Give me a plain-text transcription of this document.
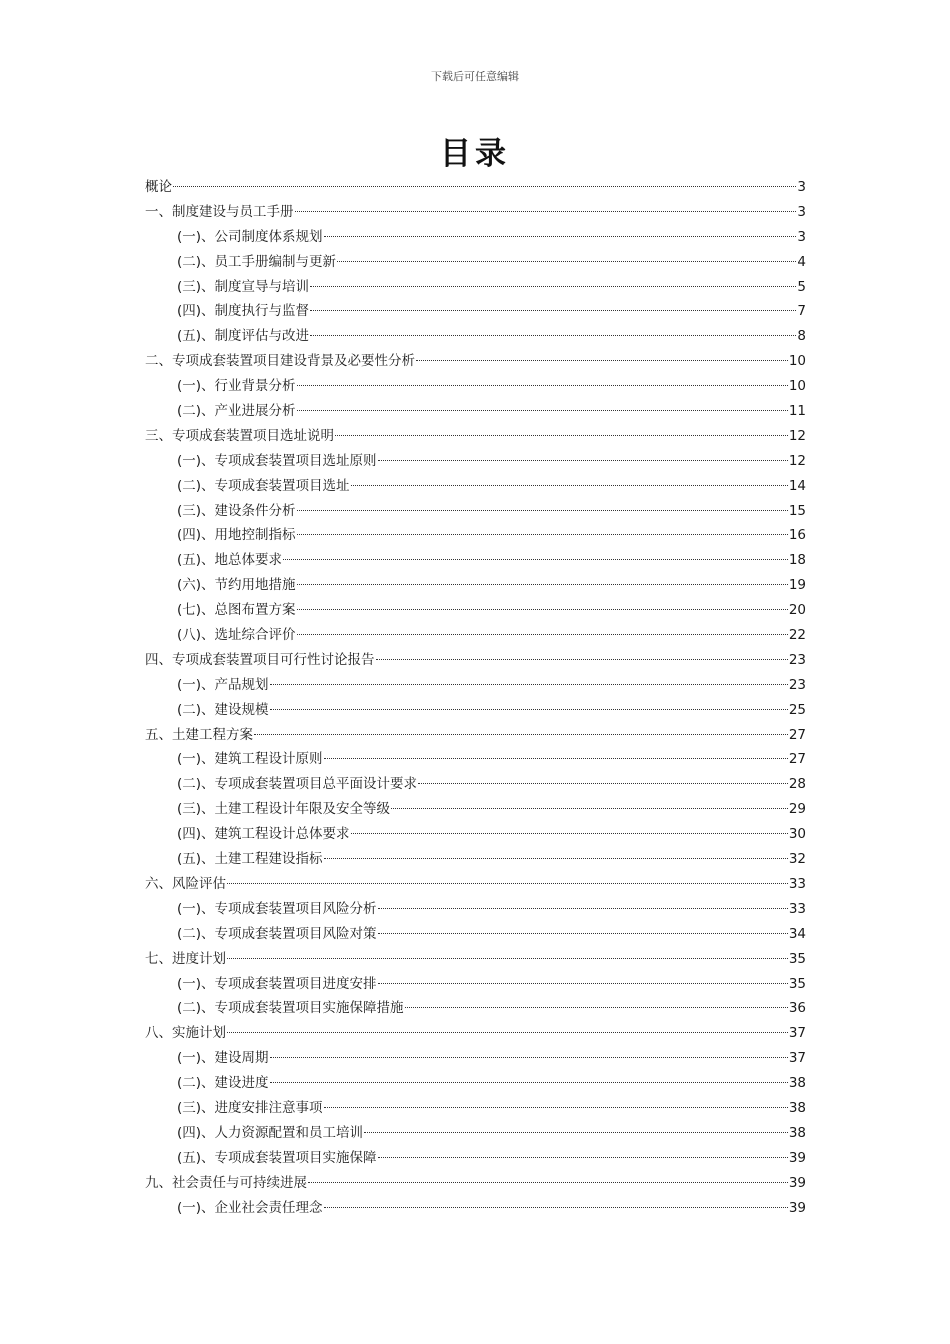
下载后可任意编辑
目录
概论	3
一、制度建设与员工手册	3
(一)、公司制度体系规划	3
(二)、员工手册编制与更新	4
(三)、制度宣导与培训	5
(四)、制度执行与监督	7
(五)、制度评估与改进	8
二、专项成套装置项目建设背景及必要性分析	10
(一)、行业背景分析	10
(二)、产业进展分析	11
三、专项成套装置项目选址说明	12
(一)、专项成套装置项目选址原则	12
(二)、专项成套装置项目选址	14
(三)、建设条件分析	15
(四)、用地控制指标	16
(五)、地总体要求	18
(六)、节约用地措施	19
(七)、总图布置方案	20
(八)、选址综合评价	22
四、专项成套装置项目可行性讨论报告	23
(一)、产品规划	23
(二)、建设规模	25
五、土建工程方案	27
(一)、建筑工程设计原则	27
(二)、专项成套装置项目总平面设计要求	28
(三)、土建工程设计年限及安全等级	29
(四)、建筑工程设计总体要求	30
(五)、土建工程建设指标	32
六、风险评估	33
(一)、专项成套装置项目风险分析	33
(二)、专项成套装置项目风险对策	34
七、进度计划	35
(一)、专项成套装置项目进度安排	35
(二)、专项成套装置项目实施保障措施	36
八、实施计划	37
(一)、建设周期	37
(二)、建设进度	38
(三)、进度安排注意事项	38
(四)、人力资源配置和员工培训	38
(五)、专项成套装置项目实施保障	39
九、社会责任与可持续进展	39
(一)、企业社会责任理念	39
